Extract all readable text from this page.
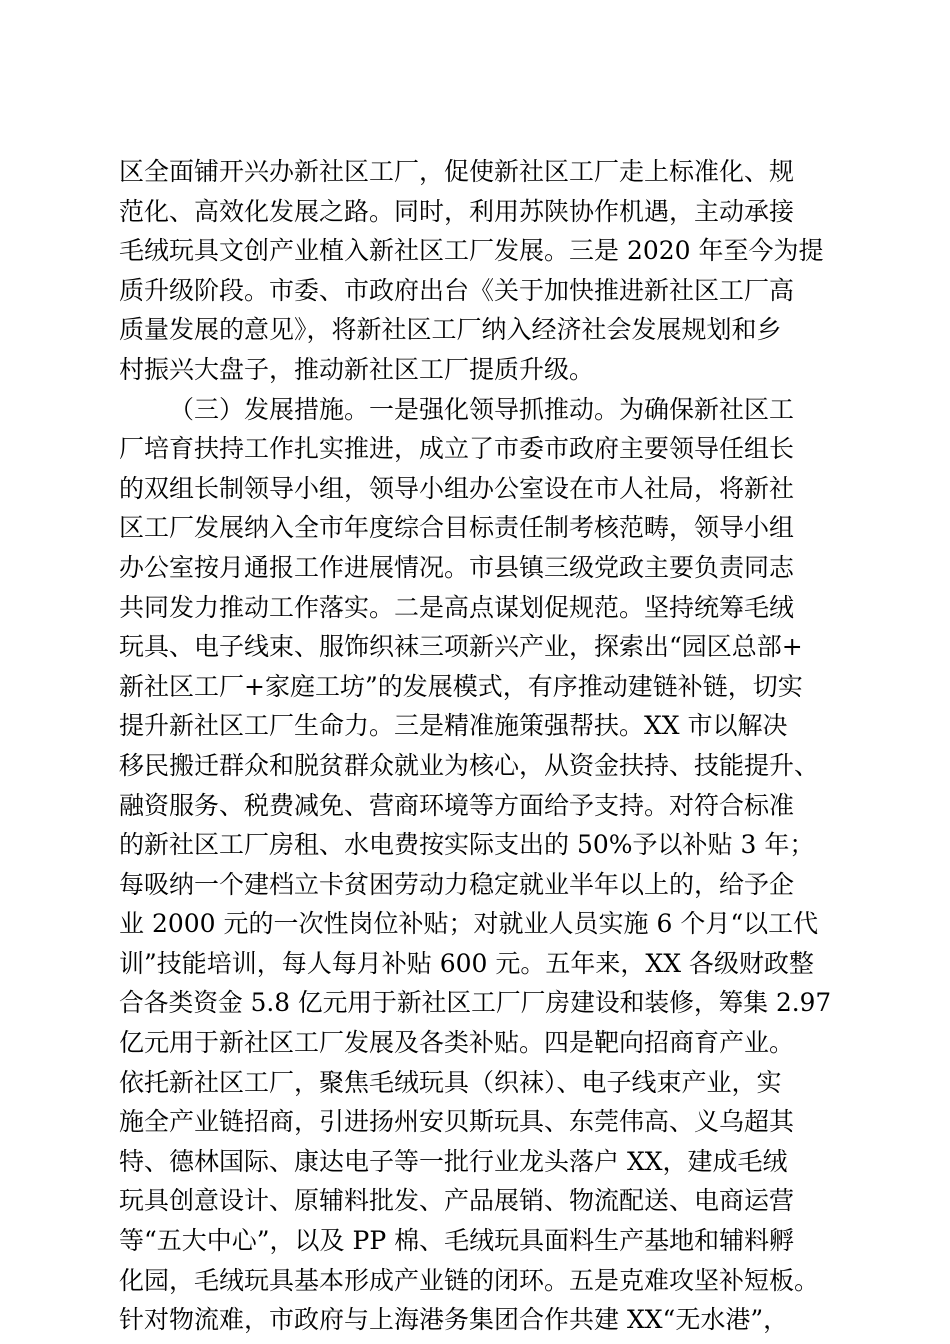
区全面铺开兴办新社区工厂，促使新社区工厂走上标准化、规
范化、高效化发展之路。同时，利用苏陕协作机遇，主动承接
毛绒玩具文创产业植入新社区工厂发展。三是 2020 年至今为提
质升级阶段。市委、市政府出台《关于加快推进新社区工厂高
质量发展的意见》，将新社区工厂纳入经济社会发展规划和乡
村振兴大盘子，推动新社区工厂提质升级。
（三）发展措施。一是强化领导抓推动。为确保新社区工
厂培育扶持工作扎实推进，成立了市委市政府主要领导任组长
的双组长制领导小组，领导小组办公室设在市人社局，将新社
区工厂发展纳入全市年度综合目标责任制考核范畴，领导小组
办公室按月通报工作进展情况。市县镇三级党政主要负责同志
共同发力推动工作落实。二是高点谋划促规范。坚持统筹毛绒
玩具、电子线束、服饰织袜三项新兴产业，探索出“园区总部+
新社区工厂+家庭工坊”的发展模式，有序推动建链补链，切实
提升新社区工厂生命力。三是精准施策强帮扶。XX 市以解决
移民搬迁群众和脱贫群众就业为核心，从资金扶持、技能提升、
融资服务、税费减免、营商环境等方面给予支持。对符合标准
的新社区工厂房租、水电费按实际支出的 50%予以补贴 3 年；
每吸纳一个建档立卡贫困劳动力稳定就业半年以上的，给予企
业 2000 元的一次性岗位补贴；对就业人员实施 6 个月“以工代
训”技能培训，每人每月补贴 600 元。五年来，XX 各级财政整
合各类资金 5.8 亿元用于新社区工厂厂房建设和装修，筹集 2.97
亿元用于新社区工厂发展及各类补贴。四是靶向招商育产业。
依托新社区工厂，聚焦毛绒玩具（织袜）、电子线束产业，实
施全产业链招商，引进扬州安贝斯玩具、东莞伟高、义乌超其
特、德林国际、康达电子等一批行业龙头落户 XX，建成毛绒
玩具创意设计、原辅料批发、产品展销、物流配送、电商运营
等“五大中心”，以及 PP 棉、毛绒玩具面料生产基地和辅料孵
化园，毛绒玩具基本形成产业链的闭环。五是克难攻坚补短板。
针对物流难，市政府与上海港务集团合作共建 XX“无水港”，
